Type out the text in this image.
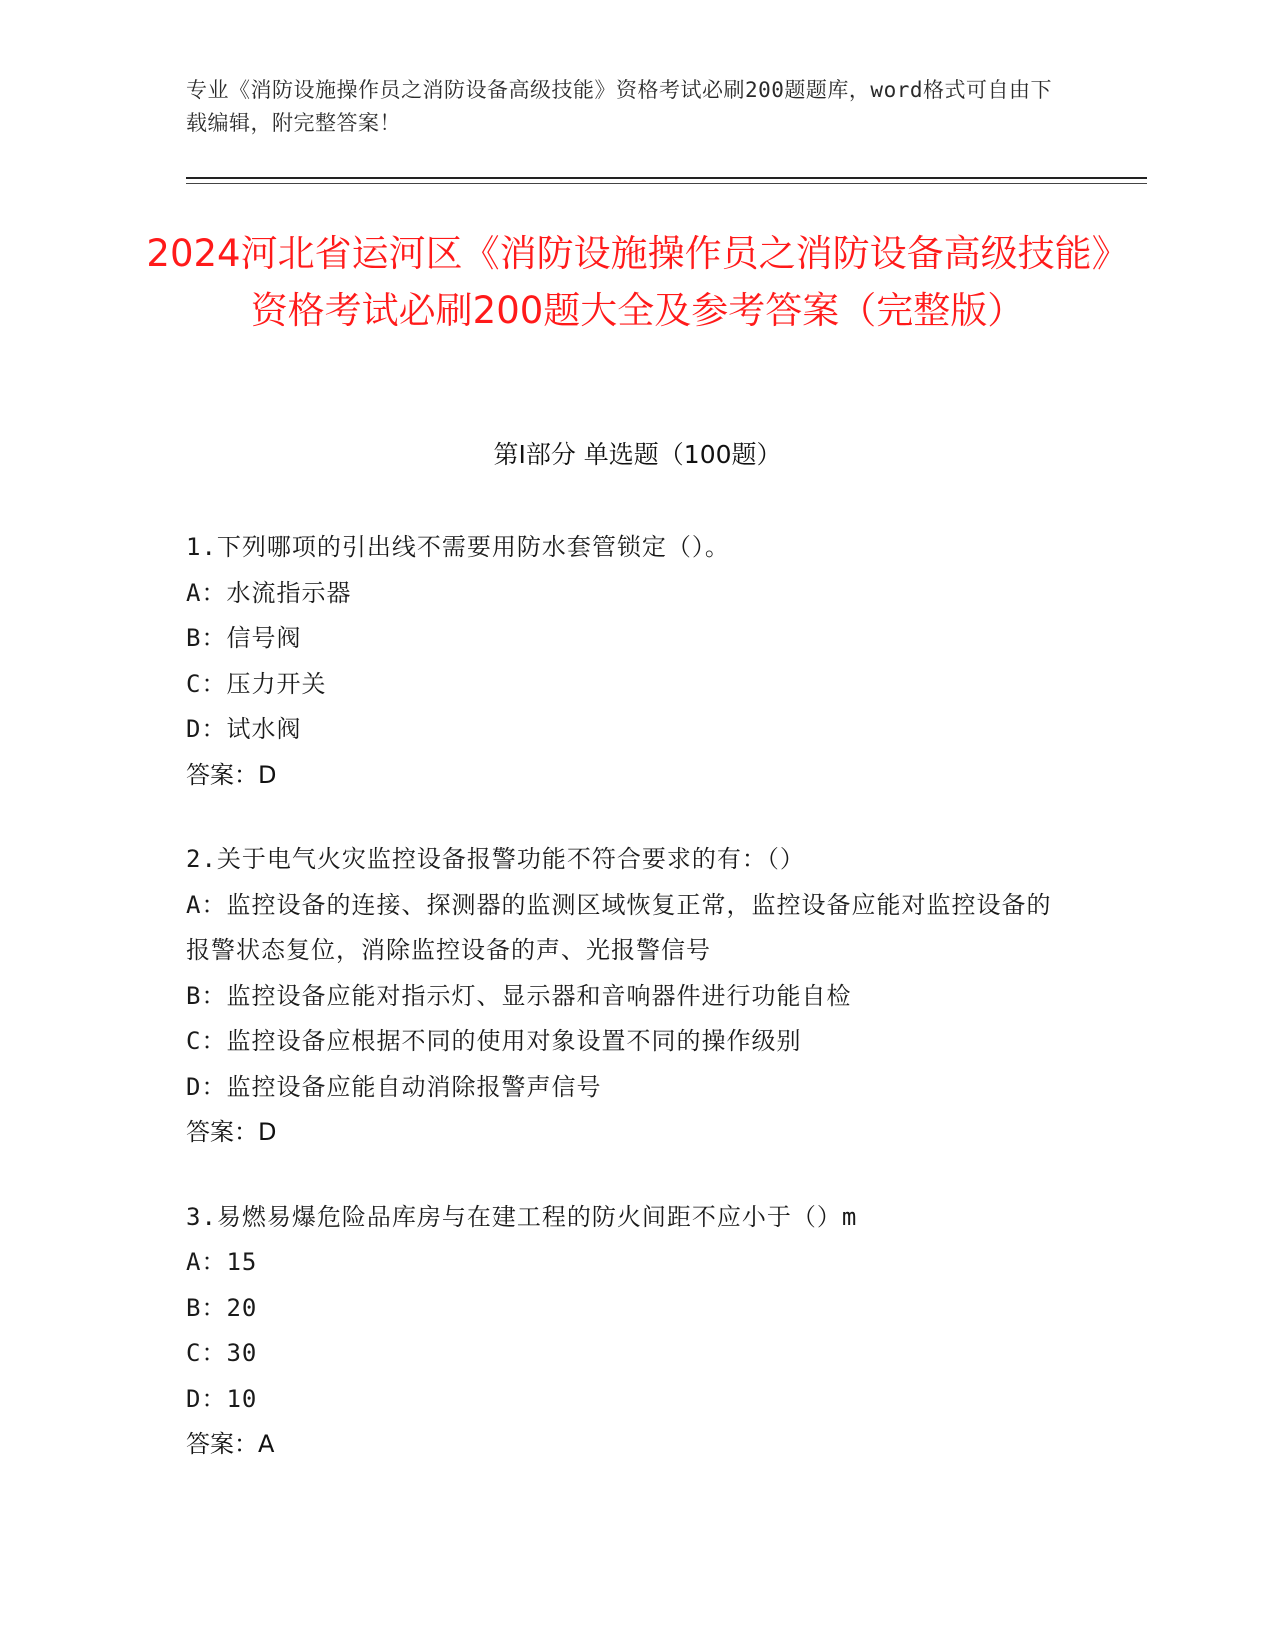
专业《消防设施操作员之消防设备高级技能》资格考试必刷200题题库，word格式可自由下载编辑，附完整答案！
2024河北省运河区《消防设施操作员之消防设备高级技能》资格考试必刷200题大全及参考答案（完整版）
第Ⅰ部分 单选题（100题）

1.下列哪项的引出线不需要用防水套管锁定（）。

A：水流指示器

B：信号阀

C：压力开关

D：试水阀

答案：D

2.关于电气火灾监控设备报警功能不符合要求的有：（）

A：监控设备的连接、探测器的监测区域恢复正常，监控设备应能对监控设备的报警状态复位，消除监控设备的声、光报警信号

B：监控设备应能对指示灯、显示器和音响器件进行功能自检

C：监控设备应根据不同的使用对象设置不同的操作级别

D：监控设备应能自动消除报警声信号

答案：D

3.易燃易爆危险品库房与在建工程的防火间距不应小于（）m

A：15

B：20

C：30

D：10

答案：A
